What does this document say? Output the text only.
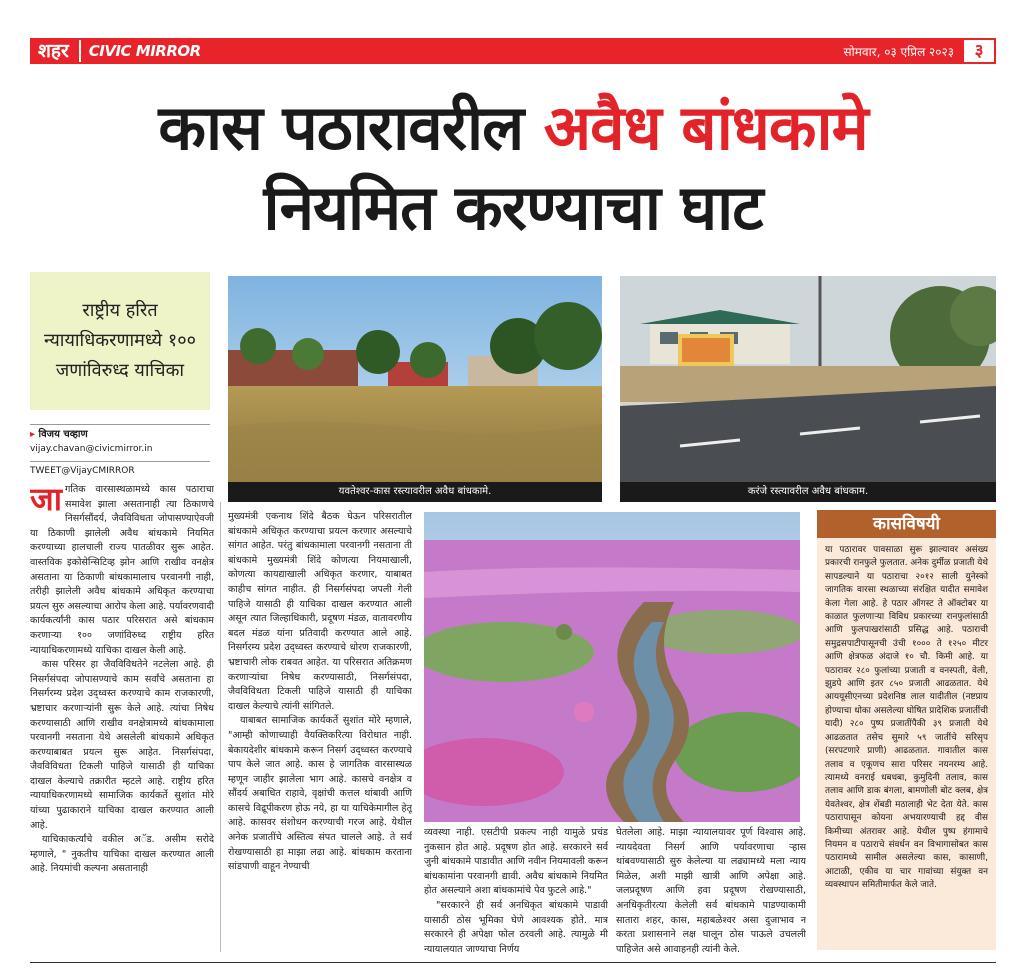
शहर	CIVIC MIRROR	सोमवार, ०३ एप्रिल २०२३	३
कास पठारावरील अवैध बांधकामे
नियमित करण्याचा घाट
राष्ट्रीय हरित न्यायाधिकरणामध्ये १०० जणांविरुध्द याचिका
▸ विजय चव्हाण
vijay.chavan@civicmirror.in
TWEET@VijayCMIRROR
यवतेश्वर-कास रस्त्यावरील अवैध बांधकामे.	करंजे रस्त्यावरील अवैध बांधकाम.

जागतिक वारसास्थळामध्ये कास पठाराचा समावेश झाला असतानाही त्या ठिकाणचे निसर्गसौंदर्य, जैवविविधता जोपासण्याऐवजी या ठिकाणी झालेली अवैध बांधकामे नियमित करण्याच्या हालचाली राज्य पातळीवर सुरू आहेत. वास्तविक इकोसेन्सिटिव्ह झोन आणि राखीव वनक्षेत्र असताना या ठिकाणी बांधकामालाच परवानगी नाही, तरीही झालेली अवैध बांधकामे अधिकृत करण्याचा प्रयत्न सुरु असल्याचा आरोप केला आहे. पर्यावरणवादी कार्यकर्त्यांनी कास पठार परिसरात असे बांधकाम करणाऱ्या १०० जणांविरुध्द राष्ट्रीय हरित न्यायाधिकरणामध्ये याचिका दाखल केली आहे.

कास परिसर हा जैवविविधतेने नटलेला आहे. ही निसर्गसंपदा जोपासण्याचे काम सर्वांचे असताना हा निसर्गरम्य प्रदेश उद्ध्वस्त करण्याचे काम राजकारणी, भ्रष्टाचार करणाऱ्यांनी सुरू केले आहे. त्यांचा निषेध करण्यासाठी आणि राखीव वनक्षेत्रामध्ये बांधकामाला परवानगी नसताना येथे असलेली बांधकामे अधिकृत करण्याबाबत प्रयत्न सुरू आहेत. निसर्गसंपदा, जैवविविधता टिकली पाहिजे यासाठी ही याचिका दाखल केल्याचे तक्रारीत म्हटले आहे. राष्ट्रीय हरित न्यायाधिकरणामध्ये सामाजिक कार्यकर्ते सुशांत मोरे यांच्या पुढाकाराने याचिका दाखल करण्यात आली आहे.

याचिकाकर्त्यांचे वकील अॅड. असीम सरोदे म्हणाले, " नुकतीच याचिका दाखल करण्यात आली आहे. नियमांची कल्पना असतानाही

मुख्यमंत्री एकनाथ शिंदे बैठक घेऊन परिसरातील बांधकामे अधिकृत करण्याचा प्रयत्न करणार असल्याचे सांगत आहेत. परंतु बांधकामाला परवानगी नसताना ती बांधकामे मुख्यमंत्री शिंदे कोणत्या नियमाखाली, कोणत्या कायद्याखाली अधिकृत करणार, याबाबत काहीच सांगत नाहीत. ही निसर्गसंपदा जपली गेली पाहिजे यासाठी ही याचिका दाखल करण्यात आली असून त्यात जिल्हाधिकारी, प्रदूषण मंडळ, वातावरणीय बदल मंडळ यांना प्रतिवादी करण्यात आले आहे. निसर्गरम्य प्रदेश उद्ध्वस्त करण्याचे धोरण राजकारणी, भ्रष्टाचारी लोक राबवत आहेत. या परिसरात अतिक्रमण करणाऱ्यांचा निषेध करण्यासाठी, निसर्गसंपदा, जैवविविधता टिकली पाहिजे यासाठी ही याचिका दाखल केल्याचे त्यांनी सांगितले.

याबाबत सामाजिक कार्यकर्ते सुशांत मोरे म्हणाले, "आम्ही कोणाच्याही वैयक्तिकरित्या विरोधात नाही. बेकायदेशीर बांधकामे करून निसर्ग उद्ध्वस्त करण्याचे पाप केले जात आहे. कास हे जागतिक वारसास्थळ म्हणून जाहीर झालेला भाग आहे. कासचे वनक्षेत्र व सौंदर्य अबाधित राहावे, वृक्षांची कत्तल थांबावी आणि कासचे विद्रूपीकरण होऊ नये, हा या याचिकेमागील हेतू आहे. कासवर संशोधन करण्याची गरज आहे. येथील अनेक प्रजातींचे अस्तित्व संपत चालले आहे. ते सर्व रोखण्यासाठी हा माझा लढा आहे. बांधकाम करताना सांडपाणी वाहून नेण्याची

व्यवस्था नाही. एसटीपी प्रकल्प नाही यामुळे प्रचंड नुकसान होत आहे. प्रदूषण होत आहे. सरकारने सर्व जुनी बांधकामे पाडावीत आणि नवीन नियमावली करून बांधकामांना परवानगी द्यावी. अवैध बांधकामे नियमित होत असल्याने अशा बांधकामांचे पेव फुटले आहे."

"सरकारने ही सर्व अनधिकृत बांधकामे पाडावी यासाठी ठोस भूमिका घेणे आवश्यक होते. मात्र सरकारने ही अपेक्षा फोल ठरवली आहे. त्यामुळे मी न्यायालयात जाण्याचा निर्णय

घेतलेला आहे. माझा न्यायालयावर पूर्ण विश्वास आहे. न्यायदेवता निसर्ग आणि पर्यावरणाचा ऱ्हास थांबवण्यासाठी सुरु केलेल्या या लढ्यामध्ये मला न्याय मिळेल, अशी माझी खात्री आणि अपेक्षा आहे. जलप्रदूषण आणि हवा प्रदूषण रोखण्यासाठी, अनधिकृतीरत्या केलेली सर्व बांधकामे पाडण्याकामी सातारा शहर, कास, महाबळेश्वर असा दुजाभाव न करता प्रशासनाने लक्ष घालून ठोस पाऊले उचलली पाहिजेत असे आवाहनही त्यांनी केले.

कासविषयी
या पठारावर पावसाळा सुरू झाल्यावर असंख्य प्रकारची रानफुले फुलतात. अनेक दुर्मीळ प्रजाती येथे सापडल्याने या पठाराचा २०१२ साली युनेस्को जागतिक वारसा स्थळाच्या संरक्षित यादीत समावेश केला गेला आहे. हे पठार ऑगस्ट ते ऑक्टोबर या काळात फुलणाऱ्या विविध प्रकारच्या रानफुलांसाठी आणि फुलपाखरांसाठी प्रसिद्ध आहे. पठाराची समुद्रसपाटीपासूनची उंची १००० ते १२५० मीटर आणि क्षेत्रफळ अंदाजे १० चौ. किमी आहे. या पठारावर २८० फुलांच्या प्रजाती व वनस्पती, वेली, झुडपे आणि इतर ८५० प्रजाती आढळतात. येथे आययूसीएनच्या प्रदेशनिष्ठ लाल यादीतील (नष्टप्राय होण्याचा धोका असलेल्या घोषित प्रादेशिक प्रजातींची यादी) २८० पुष्प प्रजातींपैकी ३९ प्रजाती येथे आढळतात तसेच सुमारे ५९ जातींचे सरिसृप (सरपटणारे प्राणी) आढळतात. गावातील कास तलाव व एकूणच सारा परिसर नयनरम्य आहे. त्यामध्ये वनराई धबधबा, कुमुदिनी तलाव, कास तलाव आणि डाक बंगला, बामणोली बोट क्लब, क्षेत्र येवतेश्वर, क्षेत्र शेंबडी मठालाही भेट देता येते. कास पठारापासून कोयना अभयारण्याची हद्द वीस किमीच्या अंतरावर आहे. येथील पुष्प हंगामाचे नियमन व पठाराचे संवर्धन वन विभागासोबत कास पठारामध्ये सामील असलेल्या कास, कासाणी, आटाळी, एकीव या चार गावांच्या संयुक्त वन व्यवस्थापन समितीमार्फत केले जाते.
